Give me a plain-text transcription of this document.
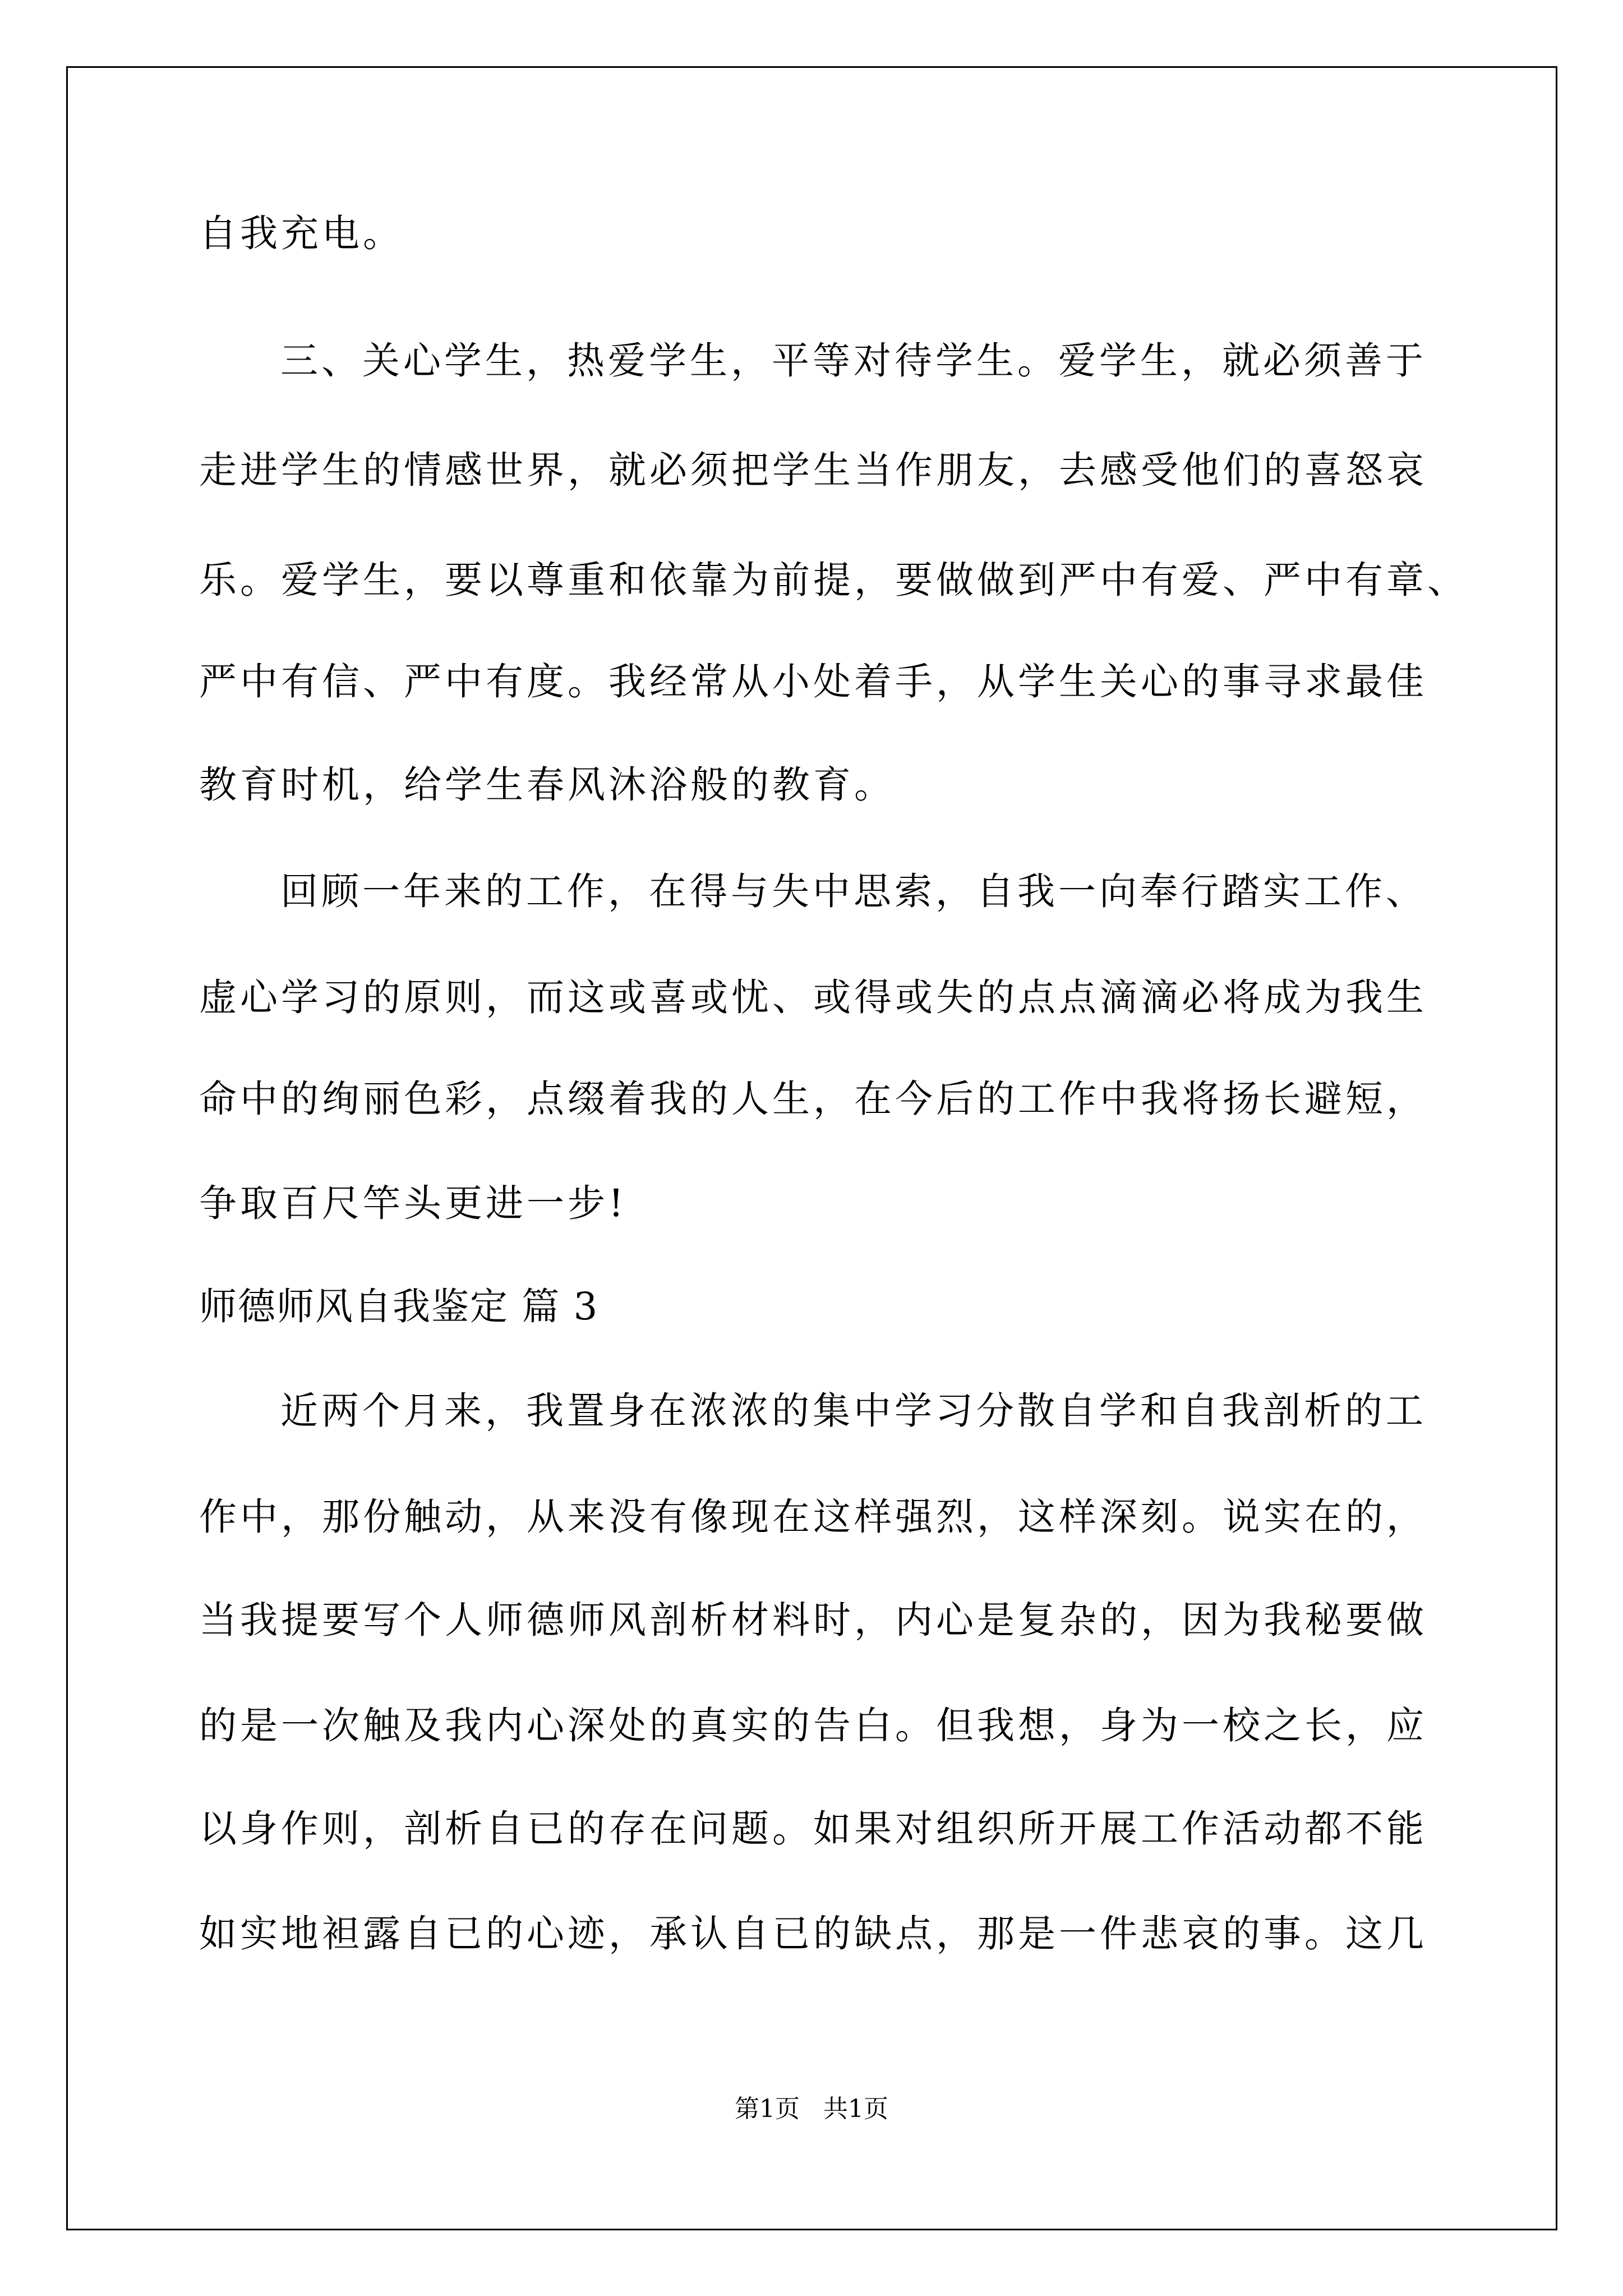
自我充电。

三、关心学生，热爱学生，平等对待学生。爱学生，就必须善于

走进学生的情感世界，就必须把学生当作朋友，去感受他们的喜怒哀

乐。爱学生，要以尊重和依靠为前提，要做做到严中有爱、严中有章、

严中有信、严中有度。我经常从小处着手，从学生关心的事寻求最佳

教育时机，给学生春风沐浴般的教育。

回顾一年来的工作，在得与失中思索，自我一向奉行踏实工作、

虚心学习的原则，而这或喜或忧、或得或失的点点滴滴必将成为我生

命中的绚丽色彩，点缀着我的人生，在今后的工作中我将扬长避短，

争取百尺竿头更进一步!

师德师风自我鉴定 篇 3

近两个月来，我置身在浓浓的集中学习分散自学和自我剖析的工

作中，那份触动，从来没有像现在这样强烈，这样深刻。说实在的，

当我提要写个人师德师风剖析材料时，内心是复杂的，因为我秘要做

的是一次触及我内心深处的真实的告白。但我想，身为一校之长，应

以身作则，剖析自已的存在问题。如果对组织所开展工作活动都不能

如实地袒露自已的心迹，承认自已的缺点，那是一件悲哀的事。这几

第1页   共1页
